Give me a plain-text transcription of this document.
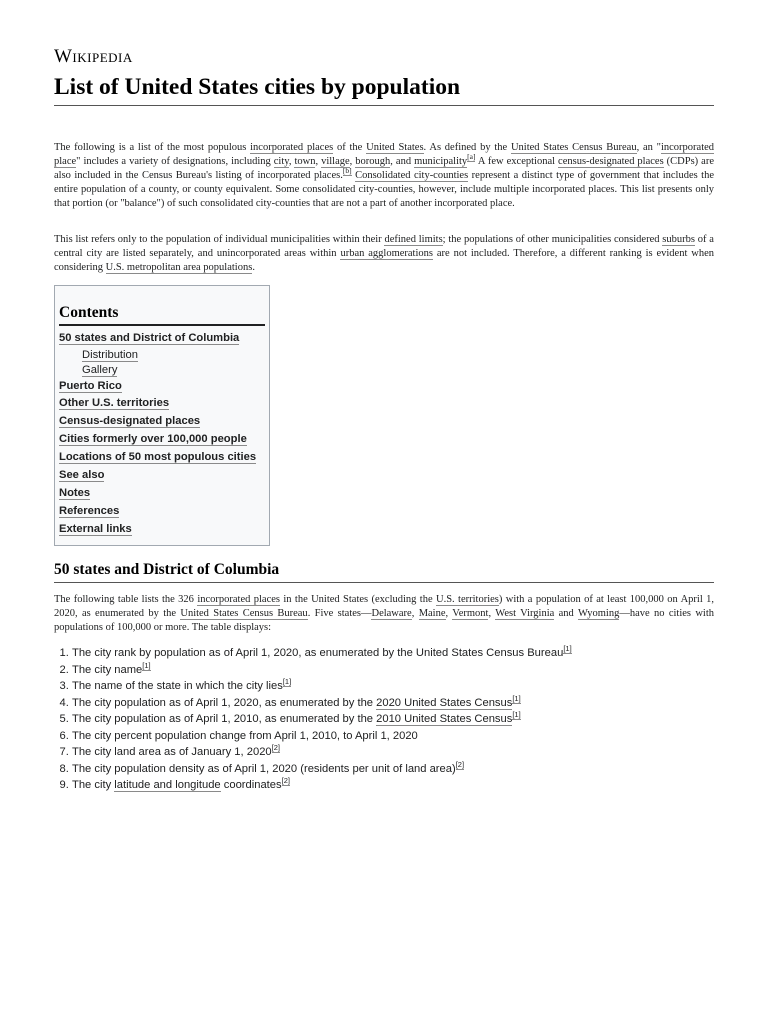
Wikipedia
List of United States cities by population

The following is a list of the most populous incorporated places of the United States. As defined by the United States Census Bureau, an "incorporated place" includes a variety of designations, including city, town, village, borough, and municipality[a] A few exceptional census-designated places (CDPs) are also included in the Census Bureau's listing of incorporated places.[b] Consolidated city-counties represent a distinct type of government that includes the entire population of a county, or county equivalent. Some consolidated city-counties, however, include multiple incorporated places. This list presents only that portion (or "balance") of such consolidated city-counties that are not a part of another incorporated place.

This list refers only to the population of individual municipalities within their defined limits; the populations of other municipalities considered suburbs of a central city are listed separately, and unincorporated areas within urban agglomerations are not included. Therefore, a different ranking is evident when considering U.S. metropolitan area populations.

Contents
50 states and District of Columbia
Distribution
Gallery
Puerto Rico
Other U.S. territories
Census-designated places
Cities formerly over 100,000 people
Locations of 50 most populous cities
See also
Notes
References
External links
50 states and District of Columbia

The following table lists the 326 incorporated places in the United States (excluding the U.S. territories) with a population of at least 100,000 on April 1, 2020, as enumerated by the United States Census Bureau. Five states—Delaware, Maine, Vermont, West Virginia and Wyoming—have no cities with populations of 100,000 or more. The table displays:

1. The city rank by population as of April 1, 2020, as enumerated by the United States Census Bureau[1]
2. The city name[1]
3. The name of the state in which the city lies[1]
4. The city population as of April 1, 2020, as enumerated by the 2020 United States Census[1]
5. The city population as of April 1, 2010, as enumerated by the 2010 United States Census[1]
6. The city percent population change from April 1, 2010, to April 1, 2020
7. The city land area as of January 1, 2020[2]
8. The city population density as of April 1, 2020 (residents per unit of land area)[2]
9. The city latitude and longitude coordinates[2]
